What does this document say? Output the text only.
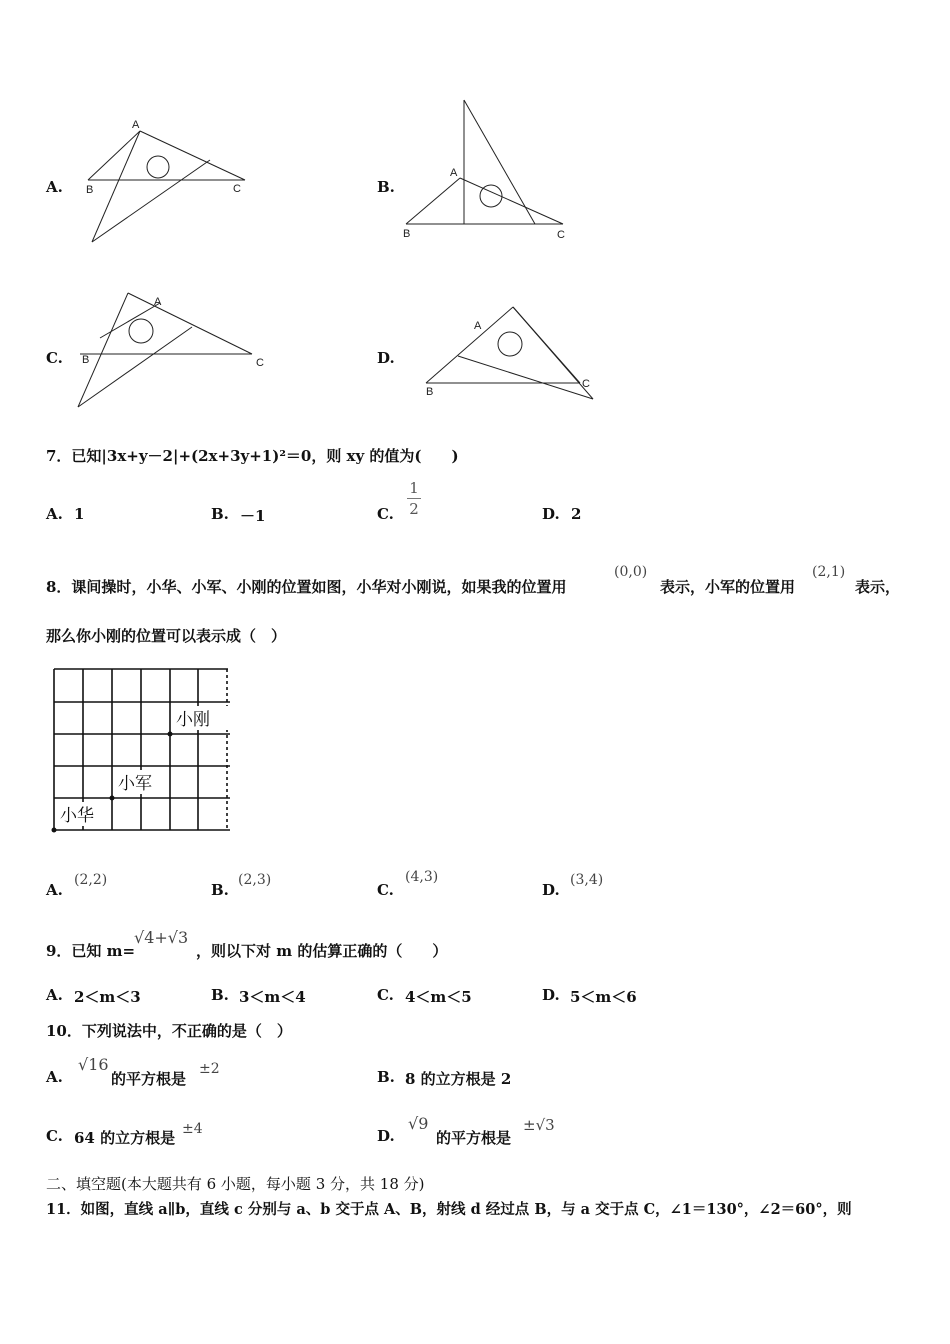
A.
A
B	C
A
B	C
A
B	C
A
B
C
B.
C.	D.
7．已知|3x+y－2|+(2x+3y+1)²＝0，则 xy 的值为(　　)
A. 1	B. －1	C.
1
2	D. 2
8．课间操时，小华、小军、小刚的位置如图，小华对小刚说，如果我的位置用
(0,0)
表示，小军的位置用
(2,1)
表示，
那么你小刚的位置可以表示成（　）
小刚
小军
小华
A.
(2,2)
B.
(2,3)
C.
(4,3)
D.
(3,4)
9．已知 m=
√4+√3
，则以下对 m 的估算正确的（　　）
A. 2＜m＜3	B. 3＜m＜4	C. 4＜m＜5	D. 5＜m＜6
10．下列说法中，不正确的是（　）
A.
√16
的平方根是
±2	B. 8 的立方根是 2
C. 64 的立方根是 ±4	D.
√9
的平方根是
±√3
二、填空题(本大题共有 6 小题，每小题 3 分，共 18 分)
11．如图，直线 a∥b，直线 c 分别与 a、b 交于点 A、B，射线 d 经过点 B，与 a 交于点 C，∠1＝130°，∠2＝60°，则
